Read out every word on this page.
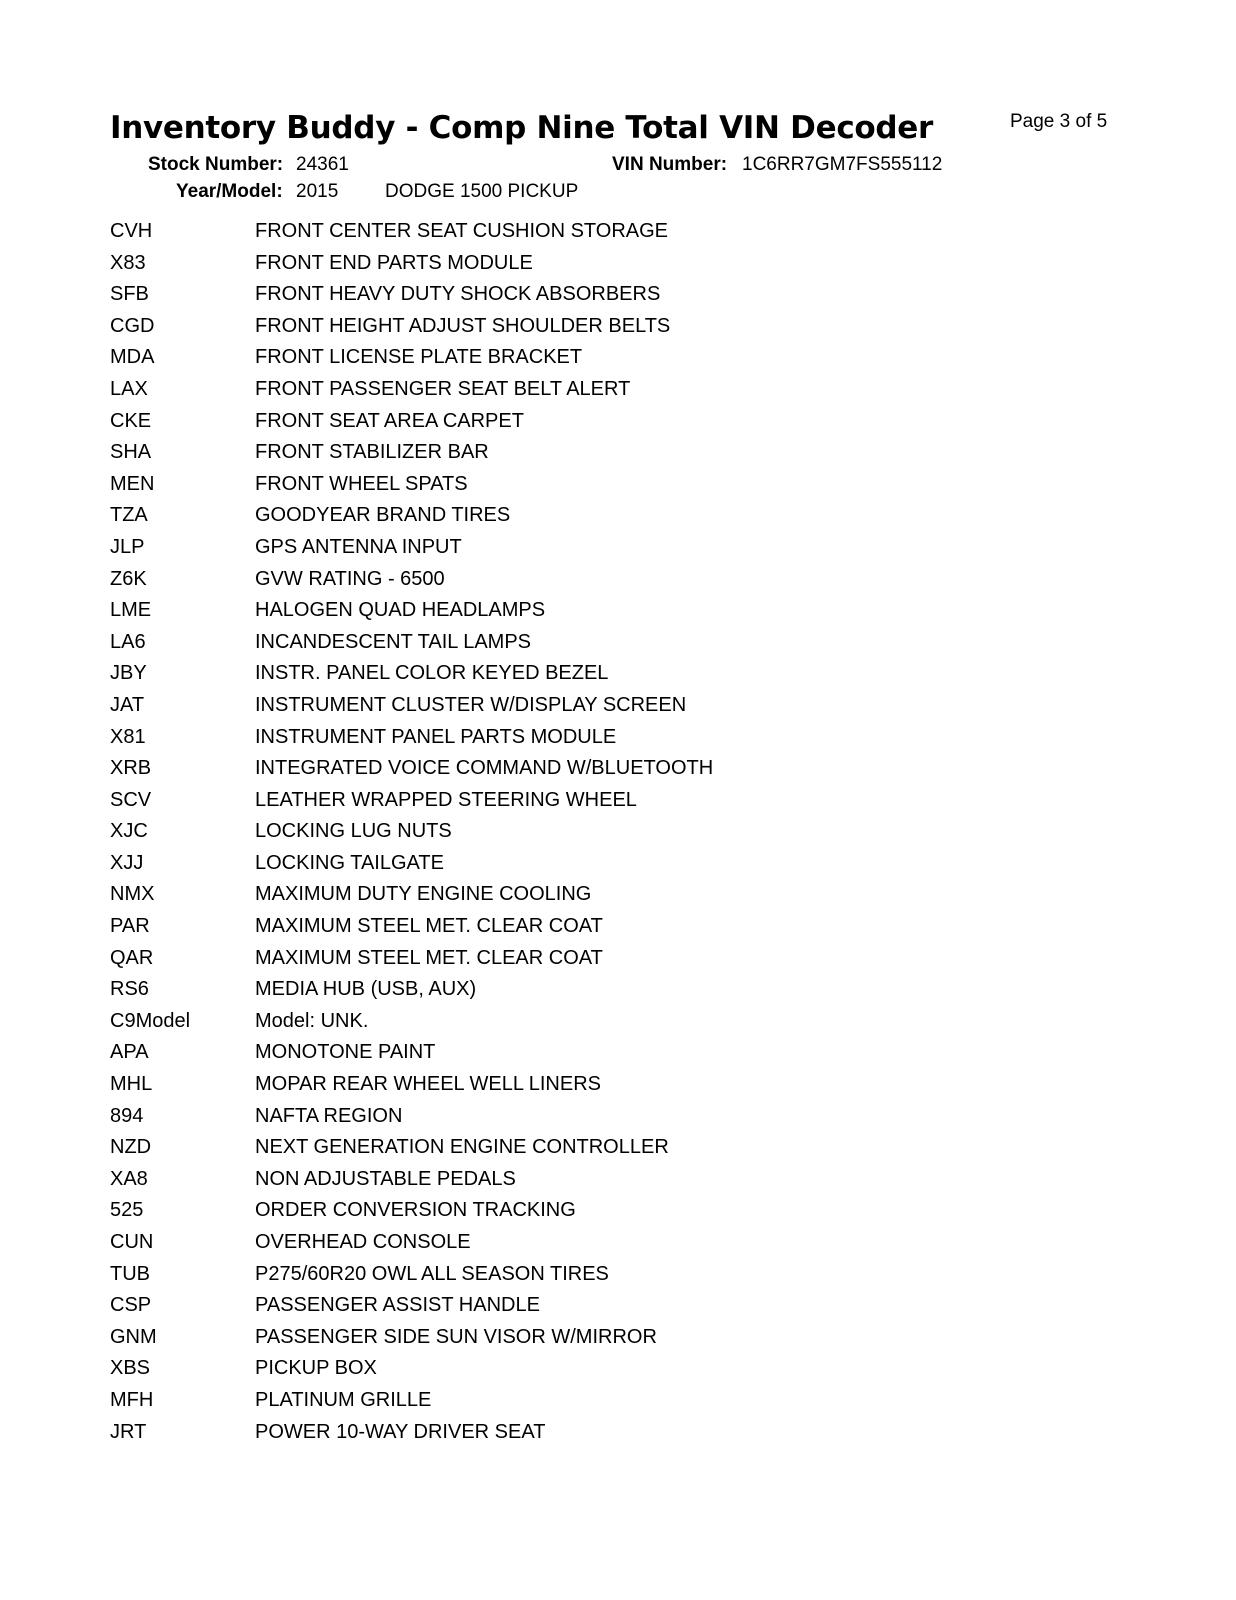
Inventory Buddy - Comp Nine Total VIN Decoder	Page 3 of 5
Stock Number: 24361	VIN Number: 1C6RR7GM7FS555112
Year/Model: 2015 DODGE 1500 PICKUP
CVH	FRONT CENTER SEAT CUSHION STORAGE
X83	FRONT END PARTS MODULE
SFB	FRONT HEAVY DUTY SHOCK ABSORBERS
CGD	FRONT HEIGHT ADJUST SHOULDER BELTS
MDA	FRONT LICENSE PLATE BRACKET
LAX	FRONT PASSENGER SEAT BELT ALERT
CKE	FRONT SEAT AREA CARPET
SHA	FRONT STABILIZER BAR
MEN	FRONT WHEEL SPATS
TZA	GOODYEAR BRAND TIRES
JLP	GPS ANTENNA INPUT
Z6K	GVW RATING - 6500
LME	HALOGEN QUAD HEADLAMPS
LA6	INCANDESCENT TAIL LAMPS
JBY	INSTR. PANEL COLOR KEYED BEZEL
JAT	INSTRUMENT CLUSTER W/DISPLAY SCREEN
X81	INSTRUMENT PANEL PARTS MODULE
XRB	INTEGRATED VOICE COMMAND W/BLUETOOTH
SCV	LEATHER WRAPPED STEERING WHEEL
XJC	LOCKING LUG NUTS
XJJ	LOCKING TAILGATE
NMX	MAXIMUM DUTY ENGINE COOLING
PAR	MAXIMUM STEEL MET. CLEAR COAT
QAR	MAXIMUM STEEL MET. CLEAR COAT
RS6	MEDIA HUB (USB, AUX)
C9Model	Model: UNK.
APA	MONOTONE PAINT
MHL	MOPAR REAR WHEEL WELL LINERS
894	NAFTA REGION
NZD	NEXT GENERATION ENGINE CONTROLLER
XA8	NON ADJUSTABLE PEDALS
525	ORDER CONVERSION TRACKING
CUN	OVERHEAD CONSOLE
TUB	P275/60R20 OWL ALL SEASON TIRES
CSP	PASSENGER ASSIST HANDLE
GNM	PASSENGER SIDE SUN VISOR W/MIRROR
XBS	PICKUP BOX
MFH	PLATINUM GRILLE
JRT	POWER 10-WAY DRIVER SEAT
